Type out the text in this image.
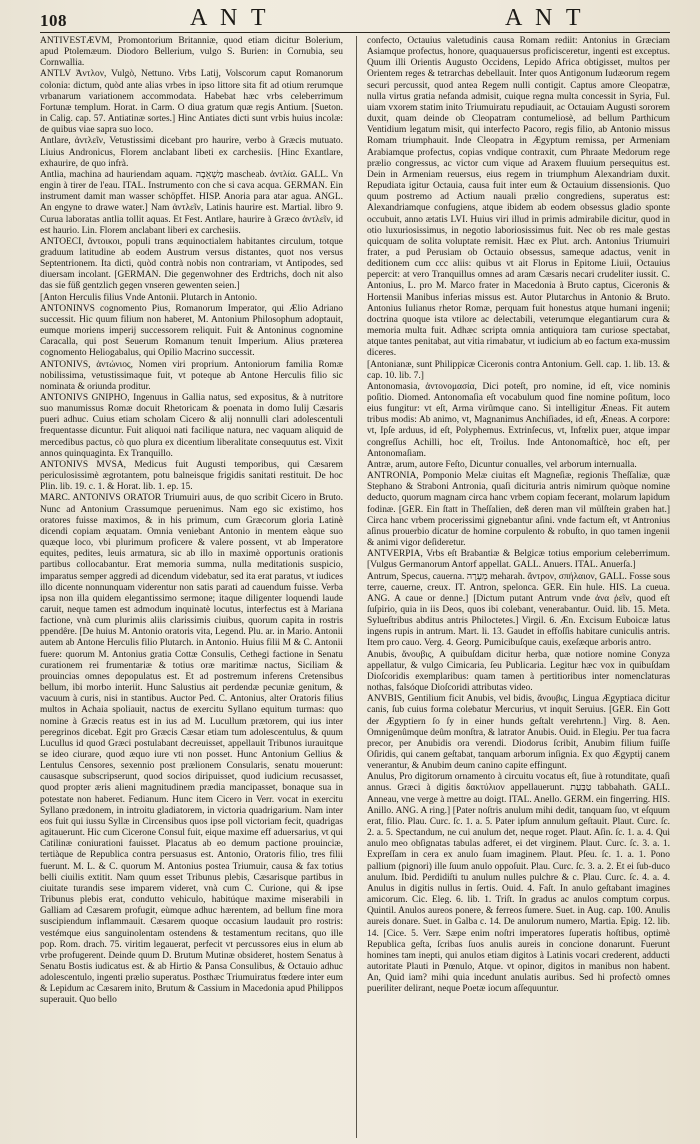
108	A N T	A N T

ANTIVESTÆVM, Promontorium Britanniæ, quod etiam dicitur Bolerium, apud Ptolemæum. Diodoro Bellerium, vulgo S. Burien: in Cornubia, seu Cornwallia.

ANTLV Ἀντλον, Vulgò, Nettuno. Vrbs Latij, Volscorum caput Romanorum colonia: dictum, quòd ante alias vrbes in ipso littore sita fit ad otium rerumque vrbanarum variationem accommodata. Habebat hæc vrbs celeberrimum Fortunæ templum. Horat. in Carm. O diua gratum quæ regis Antium. [Sueton. in Calig. cap. 57. Antiatinæ sortes.] Hinc Antiates dicti sunt vrbis huius incolæ: de quibus viae sapra suo loco.

Antlare, ἀντλεῖν, Vetustissimi dicebant pro haurire, verbo à Græcis mutuato. Liuius Andronicus, Florem anclabant libeti ex carchesiis. [Hinc Exantlare, exhaurire, de quo infrà.

Antlia, machina ad hauriendam aquam. מַשְׁאֵבָה mascheab. ἀντλία. GALL. Vn engin à tirer de l'eau. ITAL. Instrumento con che si cava acqua. GERMAN. Ein instrument damit man wasser schöpffet. HISP. Anoria para atar agua. ANGL. An engyne to drawe water.] Nam ἀντλεῖν, Latinis haurire est. Martial. libro 9. Curua laboratas antlia tollit aquas. Et Fest. Antlare, haurire à Græco ἀντλεῖν, id est haurio. Lin. Florem anclabant liberi ex carchesiis.

ANTOECI, ἄντοικοι, populi trans æquinoctialem habitantes circulum, totque graduum latitudine ab eodem Austrum versus distantes, quot nos versus Septentrionem. Ita dicti, quòd contrà nobis non contrariam, vt Antipodes, sed diuersam incolant. [GERMAN. Die gegenwohner des Erdtrichs, doch nit also das sie füß gentzlich gegen vnseren gewenten seien.]

[Anton Herculis filius Vnde Antonii. Plutarch in Antonio.

ANTONINVS cognomento Pius, Romanorum Imperator, qui Ælio Adriano successit. Hic quum filium non haberet, M. Antonium Philosophum adoptauit, eumque moriens imperij successorem reliquit. Fuit & Antoninus cognomine Caracalla, qui post Seuerum Romanum tenuit Imperium. Alius præterea cognomento Heliogabalus, qui Opilio Macrino successit.

ANTONIVS, ἀντώνιος, Nomen viri proprium. Antoniorum familia Romæ nobilissima, vetustissimaque fuit, vt poteque ab Antone Herculis filio sic nominata & oriunda proditur.

ANTONIVS GNIPHO, Ingenuus in Gallia natus, sed expositus, & à nutritore suo manumissus Romæ docuit Rhetoricam & poenata in domo Iulij Cæsaris pueri adhuc. Cuius etiam scholam Cicero & alij nonnulli clari adolescentuli frequentasse dicuntur. Fuit aliquoi nati facilique natura, nec vaquam aliquid de mercedibus pactus, cò quo plura ex dicentium liberalitate consequutus est. Vixit annos quinquaginta. Ex Tranquillo.

ANTONIVS MVSA, Medicus fuit Augusti temporibus, qui Cæsarem periculosissimè ægrotantem, potu balneisque frigidis sanitati restituit. De hoc Plin. lib. 19. c. 1. & Horat. lib. 1. ep. 15.

MARC. ANTONIVS ORATOR Triumuiri auus, de quo scribit Cicero in Bruto. Nunc ad Antonium Crassumque peruenimus. Nam ego sic existimo, hos oratores fuisse maximos, & in his primum, cum Græcorum gloria Latinè dicendi copiam æquatam. Omnia veniebant Antonio in mentem eàque suo quæque loco, vbi plurimum proficere & valere possent, vt ab Imperatore equites, pedites, leuis armatura, sic ab illo in maximè opportunis orationis partibus collocabantur. Erat memoria summa, nulla meditationis suspicio, imparatus semper aggredi ad dicendum videbatur, sed ita erat paratus, vt iudices illo dicente nonnunquam viderentur non satis parati ad cauendum fuisse. Verba ipsa non illa quidem elegantissimo sermone; itaque diligenter loquendi laude caruit, neque tamen est admodum inquinatè locutus, interfectus est à Mariana factione, vnà cum plurimis aliis clarissimis ciuibus, quorum capita in rostris ppendêre. [De huius M. Antonio oratoris vita, Legend. Plu. ar. in Mario. Antonii autem ab Antone Herculis filio Plutarch. in Antonio. Huius filii M & C. Antonii fuere: quorum M. Antonius gratia Cottæ Consulis, Cethegi factione in Senatu curationem rei frumentariæ & totius oræ maritimæ nactus, Siciliam & prouincias omnes depopulatus est. Et ad postremum inferens Cretensibus bellum, ibi morbo interiit. Hunc Salustius ait perdendæ pecuniæ genitum, & vacuum à curis, nisi in stantibus. Auctor Ped. C. Antonius, alter Oratoris filius multos in Achaia spoliauit, nactus de exercitu Syllano equitum turmas: quo nomine à Græcis reatus est in ius ad M. Lucullum prætorem, qui ius inter peregrinos dicebat. Egit pro Græcis Cæsar etiam tum adolescentulus, & quum Lucullus id quod Græci postulabant decreuisset, appellauit Tribunos iurauitque se ideo ciurare, quod æquo iure vti non posset. Hunc Antonium Gellius & Lentulus Censores, sexennio post prælionem Consularis, senatu mouerunt: causasque subscripserunt, quod socios diripuisset, quod iudicium recusasset, quod propter æris alieni magnitudinem prædia mancipasset, bonaque sua in potestate non haberet. Fedianum. Hunc item Cicero in Verr. vocat in exercitu Syllano prædonem, in introitu gladiatorem, in victoria quadrigarium. Nam inter eos fuit qui iussu Syllæ in Circensibus quos ipse poll victoriam fecit, quadrigas agitauerunt. Hic cum Cicerone Consul fuit, eique maxime eff aduersarius, vt qui Catilinæ coniurationi fauisset. Placatus ab eo demum pactione prouinciæ, tertiàque de Republica contra persuasus est. Antonio, Oratoris filio, tres filii fuerunt. M. L. & C. quorum M. Antonius postea Triumuir, causa & fax totius belli ciuilis extitit. Nam quum esset Tribunus plebis, Cæsarisque partibus in ciuitate turandis sese imparem videret, vnà cum C. Curione, qui & ipse Tribunus plebis erat, condutto vehiculo, habitúque maxime miserabili in Galliam ad Cæsarem profugit, eùmque adhuc hærentem, ad bellum fine mora suscipiendum inflammauit. Cæsarem quoque occasium laudauit pro rostris: vestémque eius sanguinolentam ostendens & testamentum recitans, quo ille pop. Rom. drach. 75. viritim legauerat, perfecit vt percussores eius in elum ab vrbe profugerent. Deinde quum D. Brutum Mutinæ obsideret, hostem Senatus à Senatu Bostis iudicatus est. & ab Hirtio & Pansa Consulibus, & Octauio adhuc adolescentulo, ingenti prælio superatus. Posthæc Triumuiratus fœdere inter eum & Lepidum ac Cæsarem inito, Brutum & Cassium in Macedonia apud Philippos superauit. Quo bello

confecto, Octauius valetudinis causa Romam rediit: Antonius in Græciam Asiamque profectus, honore, quaquauersus proficisceretur, ingenti est exceptus. Quum illi Orientis Augusto Occidens, Lepido Africa obtigisset, multos per Orientem reges & tetrarchas debellauit. Inter quos Antigonum Iudæorum regem securi percussit, quod antea Regem nulli contigit. Captus amore Cleopatræ, nulla virtus gratia nefanda admisit, cuique regna multa concessit in Syria, Ful. uiam vxorem statim inito Triumuiratu repudiauit, ac Octauiam Augusti sororem duxit, quam deinde ob Cleopatram contumeliosè, ad bellum Parthicum Ventidium legatum misit, qui interfecto Pacoro, regis filio, ab Antonio missus Romam triumphauit. Inde Cleopatra in Ægyptum remissa, per Armeniam Arabiamque profectus, copias vndique contraxit, cum Phraate Medorum rege prælio congressus, ac victor cum vique ad Araxem fluuium persequitus est. Dein in Armeniam reuersus, eius regem in triumphum Alexandriam duxit. Repudiata igitur Octauia, causa fuit inter eum & Octauium dissensionis. Quo quum postremo ad Actium nauali prælio congrediens, superatus est: Alexandriamque confugiens, atque ibidem ab eodem obsessus gladio sponte occubuit, anno ætatis LVI. Huius viri illud in primis admirabile dicitur, quod in otio luxuriosissimus, in negotio laboriosissimus fuit. Nec ob res male gestas quicquam de solita voluptate remisit. Hæc ex Plut. arch. Antonius Triumuiri frater, a pud Perusiam ob Octauio obsessus, sameque adactus, venit in deditionem cum ccc aliis: quibus vt ait Florus in Epitome Liuii, Octauius pepercit: at vero Tranquillus omnes ad aram Cæsaris necari crudeliter iussit. C. Antonius, L. pro M. Marco frater in Macedonia à Bruto captus, Ciceronis & Hortensii Manibus inferias missus est. Autor Plutarchus in Antonio & Bruto. Antonius Iulianus rhetor Romæ, perquam fuit honestus atque humani ingenii; doctrina quoque ista vtilore ac delectabili, veterumque elegantiarum cura & memoria multa fuit. Adhæc scripta omnia antiquiora tam curiose spectabat, atque tantes penitabat, aut vitia rimabatur, vt iudicium ab eo factum exa-mussim diceres.

[Antonianæ, sunt Philippicæ Ciceronis contra Antonium. Gell. cap. 1. lib. 13. & cap. 10. lib. 7.]

Antonomasia, ἀντονομασία, Dici poteſt, pro nomine, id eſt, vice nominis poſitio. Diomed. Antonomaſia eſt vocabulum quod fine nomine poſitum, loco eius fungitur: vt eſt, Arma virûmque cano. Si intelligitur Æneas. Fit autem tribus modis: Ab animo, vt, Magnanimus Anchiſiades, id eſt, Æneas. A corpore: vt, Ipſe arduus, id eſt, Polyphemus. Extrinſecus, vt, Infœlix puer, atque impar congreſſus Achilli, hoc eſt, Troilus. Inde Antonomaſticè, hoc eſt, per Antonomaſiam.

Antræ, arum, autore Feſto, Dicuntur conualles, vel arborum internualla.

ANTRONIA, Pomponio Melæ ciuitas eſt Magneſiæ, regionis Theſſaliæ, quæ Stephano & Straboni Antronia, quaſi dicituria antris nimirum quòque nomine deducto, quorum magnam circa hanc vrbem copiam fecerant, molarum lapidum fodinæ. [GER. Ein ſtatt in Theſſalien, deß deren man vil mülſtein graben hat.] Circa hanc vrbem procerissimi gignebantur aſini. vnde factum eſt, vt Antronius aſinus prouerbio dicatur de homine corpulento & robuſto, in quo tamen ingenii & animi vigor deſideretur.

ANTVERPIA, Vrbs eſt Brabantiæ & Belgicæ totius emporium celeberrimum. [Vulgus Germanorum Antorf appellat. GALL. Anuers. ITAL. Anuerſa.]

Antrum, Specus, cauerna. מְעָרָה meharah. ἄντρον, σπήλαιον, GALL. Fosse sous terre, cauerne, creux. IT. Antron, spelonca. GER. Ein hule. HIS. La cueua. ANG. A caue or denne.] [Dictum putant Antrum vnde ἀνα ῥεῖν, quod eſt ſuſpirio, quia in iis Deos, quos ibi colebant, venerabantur. Ouid. lib. 15. Meta. Sylueſtribus abditus antris Philoctetes.] Virgil. 6. Æn. Excisum Euboicæ latus ingens rupis in antrum. Mart. li. 13. Gaudet in effoſſis habitare cuniculis antris. Item pro cauo. Verg. 4. Georg. Pumicibuſque cauis, exeſæque arboris antro.

Anubis, ἄνουβις, A quibuſdam dicitur herba, quæ notiore nomine Conyza appellatur, & vulgo Cimicaria, ſeu Publicaria. Legitur hæc vox in quibuſdam Dioſcoridis exemplaribus: quam tamen à pertitioribus inter nomenclaturas nothas, falsóque Dioſcoridi attributas video.

ANVBIS, Gentilium ficit Anubis, vel bidis, ἄνουβις, Lingua Ægyptiaca dicitur canis, ſub cuius forma colebatur Mercurius, vt inquit Seruius. [GER. Ein Gott der Ægyptiern ſo ſy in einer hunds geſtalt verehrtenn.] Virg. 8. Aen. Omnigenûmque deûm monſtra, & latrator Anubis. Ouid. in Elegiu. Per tua facra precor, per Anubidis ora verendi. Diodorus ſcribit, Anubim filium fuiſſe Oſiridis, qui canem geſtabat, tanquam arborum inſignia. Ex quo Ægyptij canem venerantur, & Anubim deum canino capite effingunt.

Anulus, Pro digitorum ornamento à circuitu vocatus eſt, ſiue à rotunditate, quaſi annus. Græci à digitis δακτύλιον appellauerunt. טַבַּעַת tabbahath. GALL. Anneau, vne verge à mettre au doigt. ITAL. Anello. GERM. ein fingerring. HIS. Anillo. ANG. A ring.] [Pater noſtris anulum mihi dedit, tanquam ſuo, vt eſquum erat, filio. Plau. Curc. ſc. 1. a. 5. Pater ipſum annulum geſtauit. Plaut. Curc. ſc. 2. a. 5. Spectandum, ne cui anulum det, neque roget. Plaut. Aſin. ſc. 1. a. 4. Qui anulo meo obſignatas tabulas adferet, ei det virginem. Plaut. Curc. ſc. 3. a. 1. Expreſſam in cera ex anulo ſuam imaginem. Plaut. Pſeu. ſc. 1. a. 1. Pono pallium (pignori) ille ſuum anulo oppoſuit. Plau. Curc. ſc. 3. a. 2. Et ei ſub-duco anulum. Ibid. Perdidiſti tu anulum nulles pulchre & c. Plau. Curc. ſc. 4. a. 4. Anulus in digitis nullus in ſertis. Ouid. 4. Faſt. In anulo geſtabant imagines amicorum. Cic. Eleg. 6. lib. 1. Triſt. In gradus ac anulos comptum corpus. Quintil. Anulos aureos ponere, & ferreos ſumere. Suet. in Aug. cap. 100. Anulis aureis donare. Suet. in Galba c. 14. De anulorum numero, Martia. Epig. 12. lib. 14. [Cice. 5. Verr. Sæpe enim noſtri imperatores ſuperatis hoſtibus, optimè Republica geſta, ſcribas ſuos anulis aureis in concione donarunt. Fuerunt homines tam inepti, qui anulos etiam digitos à Latinis vocari crederent, adducti autoritate Plauti in Pœnulo, Atque. vt opinor, digitos in manibus non habent. An, Quid iam? mihi quia incedunt anulatis auribus. Sed hi profectò omnes pueriliter delirant, neque Poetæ iocum aſſequuntur.
